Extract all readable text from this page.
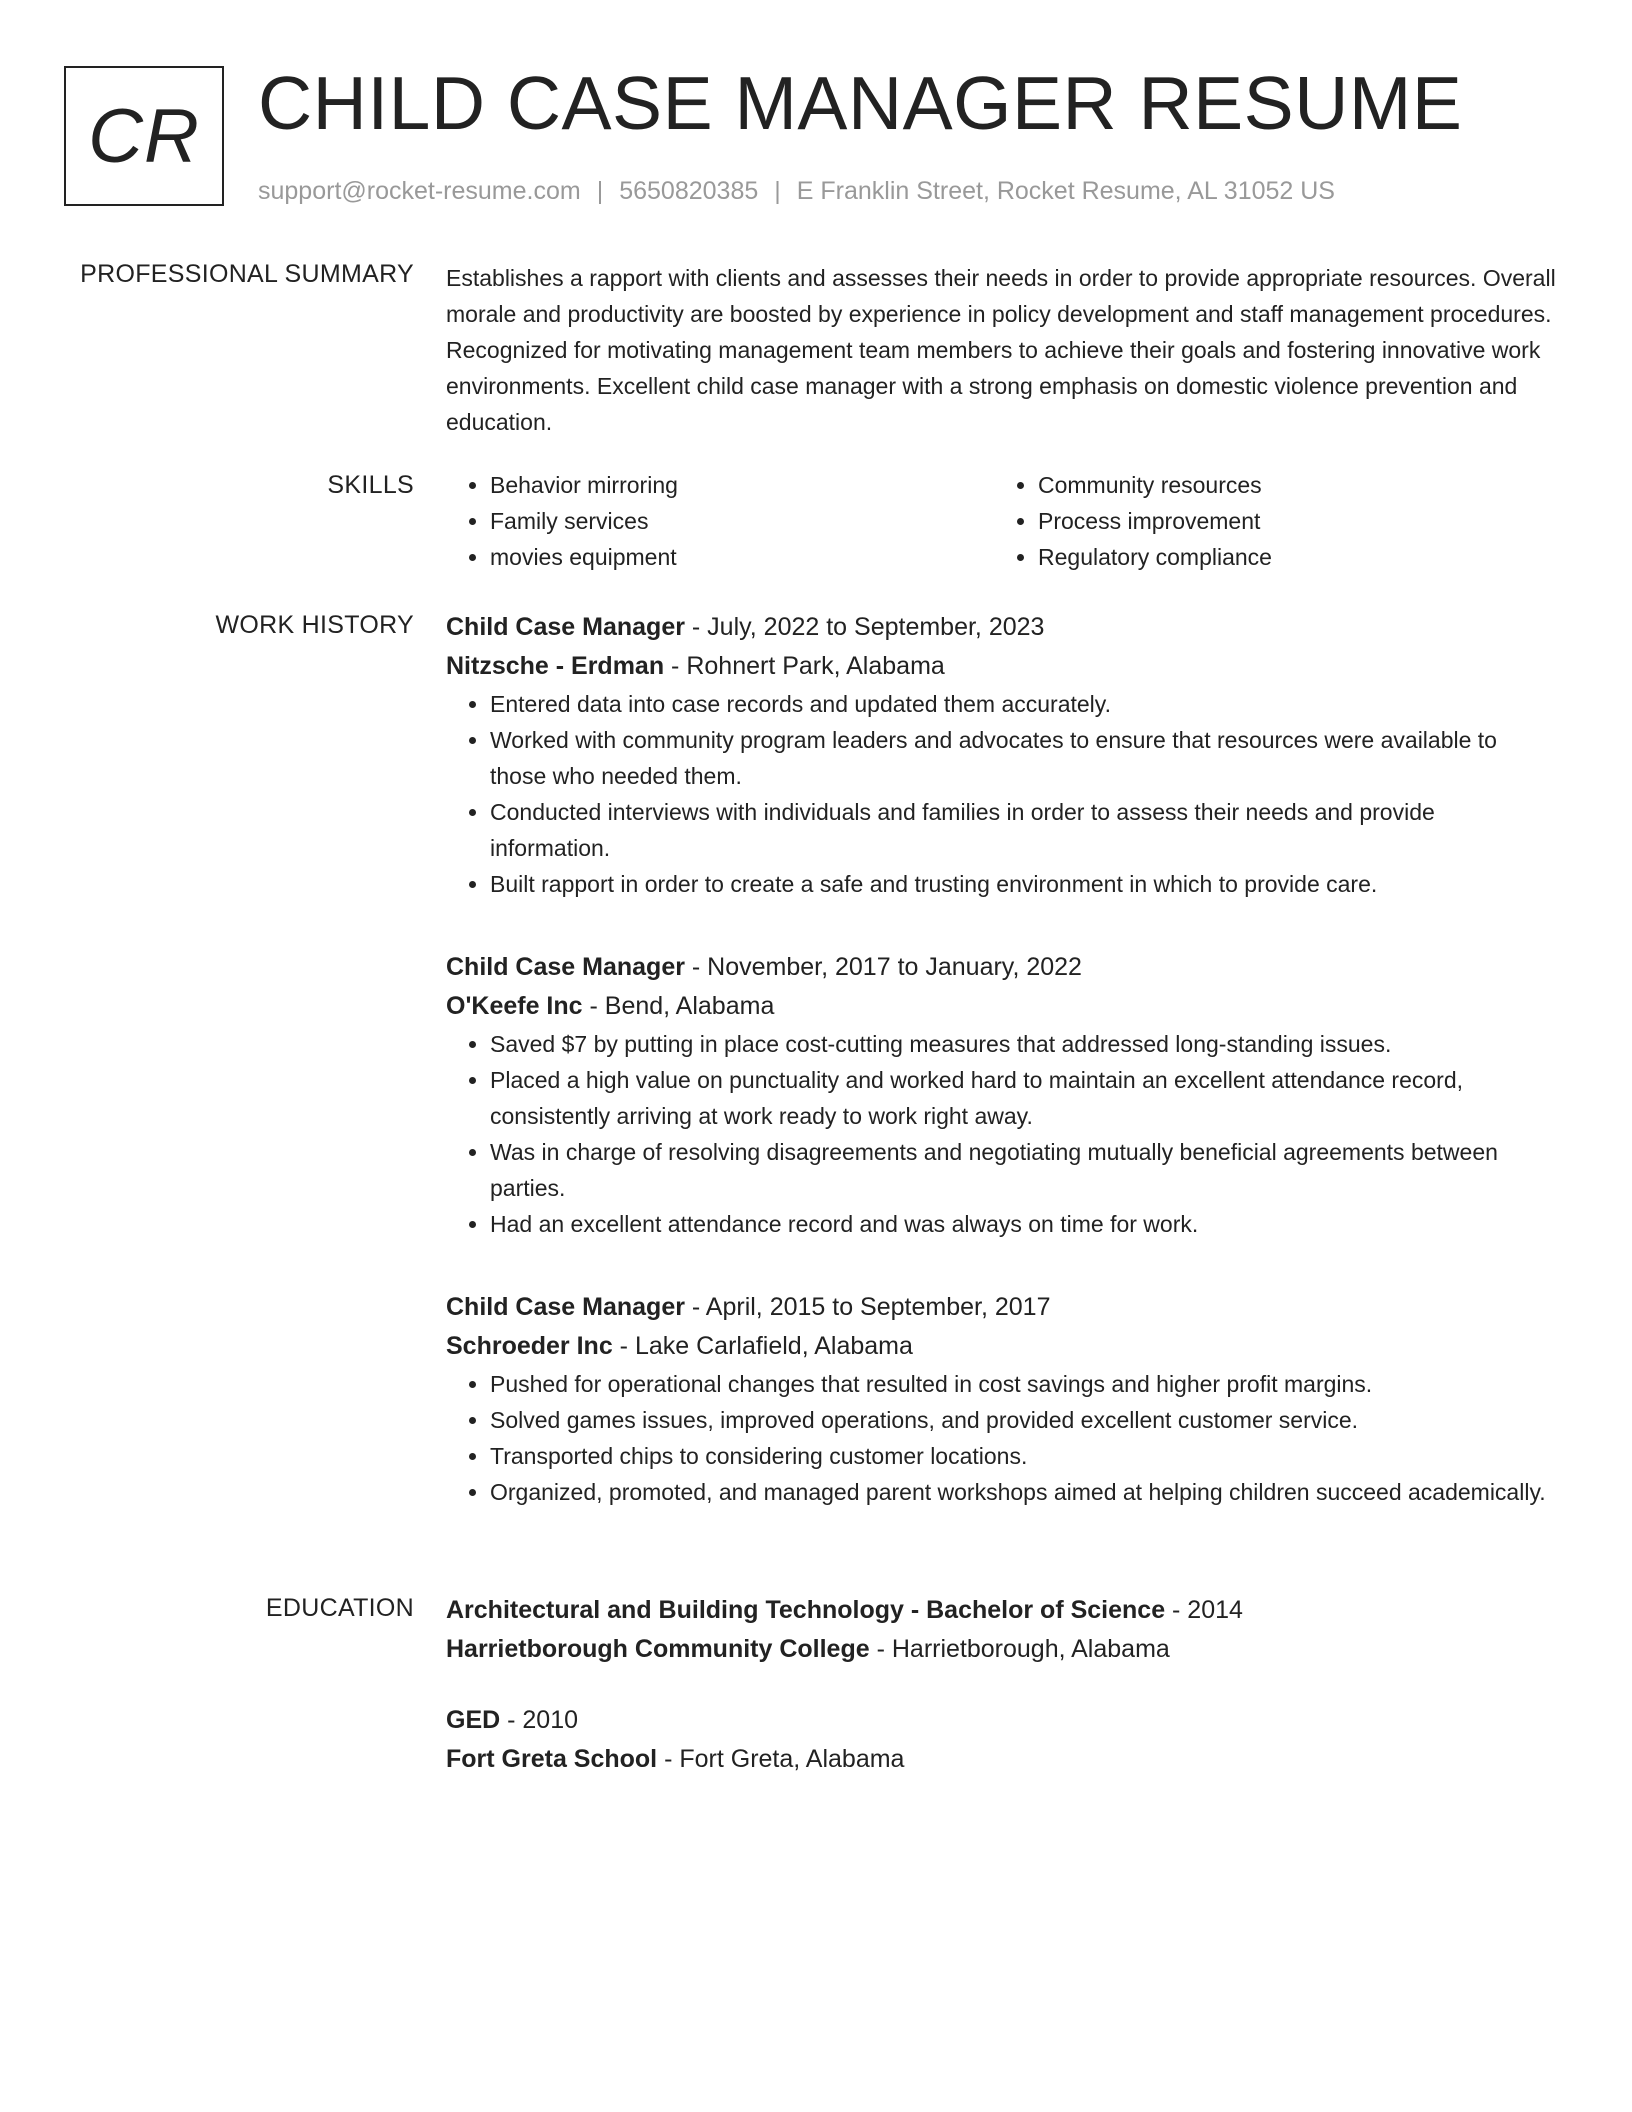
CR CHILD CASE MANAGER RESUME
support@rocket-resume.com | 5650820385 | E Franklin Street, Rocket Resume, AL 31052 US
PROFESSIONAL SUMMARY Establishes a rapport with clients and assesses their needs in order to provide appropriate resources. Overall morale and productivity are boosted by experience in policy development and staff management procedures. Recognized for motivating management team members to achieve their goals and fostering innovative work environments. Excellent child case manager with a strong emphasis on domestic violence prevention and education.

SKILLS
•	Behavior mirroring
• Family services
• movies equipment
• Community resources
• Process improvement
• Regulatory compliance
WORK HISTORY Child Case Manager - July, 2022 to September, 2023
Nitzsche - Erdman - Rohnert Park, Alabama
• Entered data into case records and updated them accurately.
• Worked with community program leaders and advocates to ensure that resources were available to those who needed them.
• Conducted interviews with individuals and families in order to assess their needs and provide information.
• Built rapport in order to create a safe and trusting environment in which to provide care.
Child Case Manager - November, 2017 to January, 2022
O'Keefe Inc - Bend, Alabama
• Saved $7 by putting in place cost-cutting measures that addressed long-standing issues.
• Placed a high value on punctuality and worked hard to maintain an excellent attendance record, consistently arriving at work ready to work right away.
• Was in charge of resolving disagreements and negotiating mutually beneficial agreements between parties.
• Had an excellent attendance record and was always on time for work.
Child Case Manager - April, 2015 to September, 2017
Schroeder Inc - Lake Carlafield, Alabama
• Pushed for operational changes that resulted in cost savings and higher profit margins.
• Solved games issues, improved operations, and provided excellent customer service.
• Transported chips to considering customer locations.
• Organized, promoted, and managed parent workshops aimed at helping children succeed academically.
EDUCATION Architectural and Building Technology - Bachelor of Science - 2014
Harrietborough Community College - Harrietborough, Alabama
GED - 2010
Fort Greta School - Fort Greta, Alabama
